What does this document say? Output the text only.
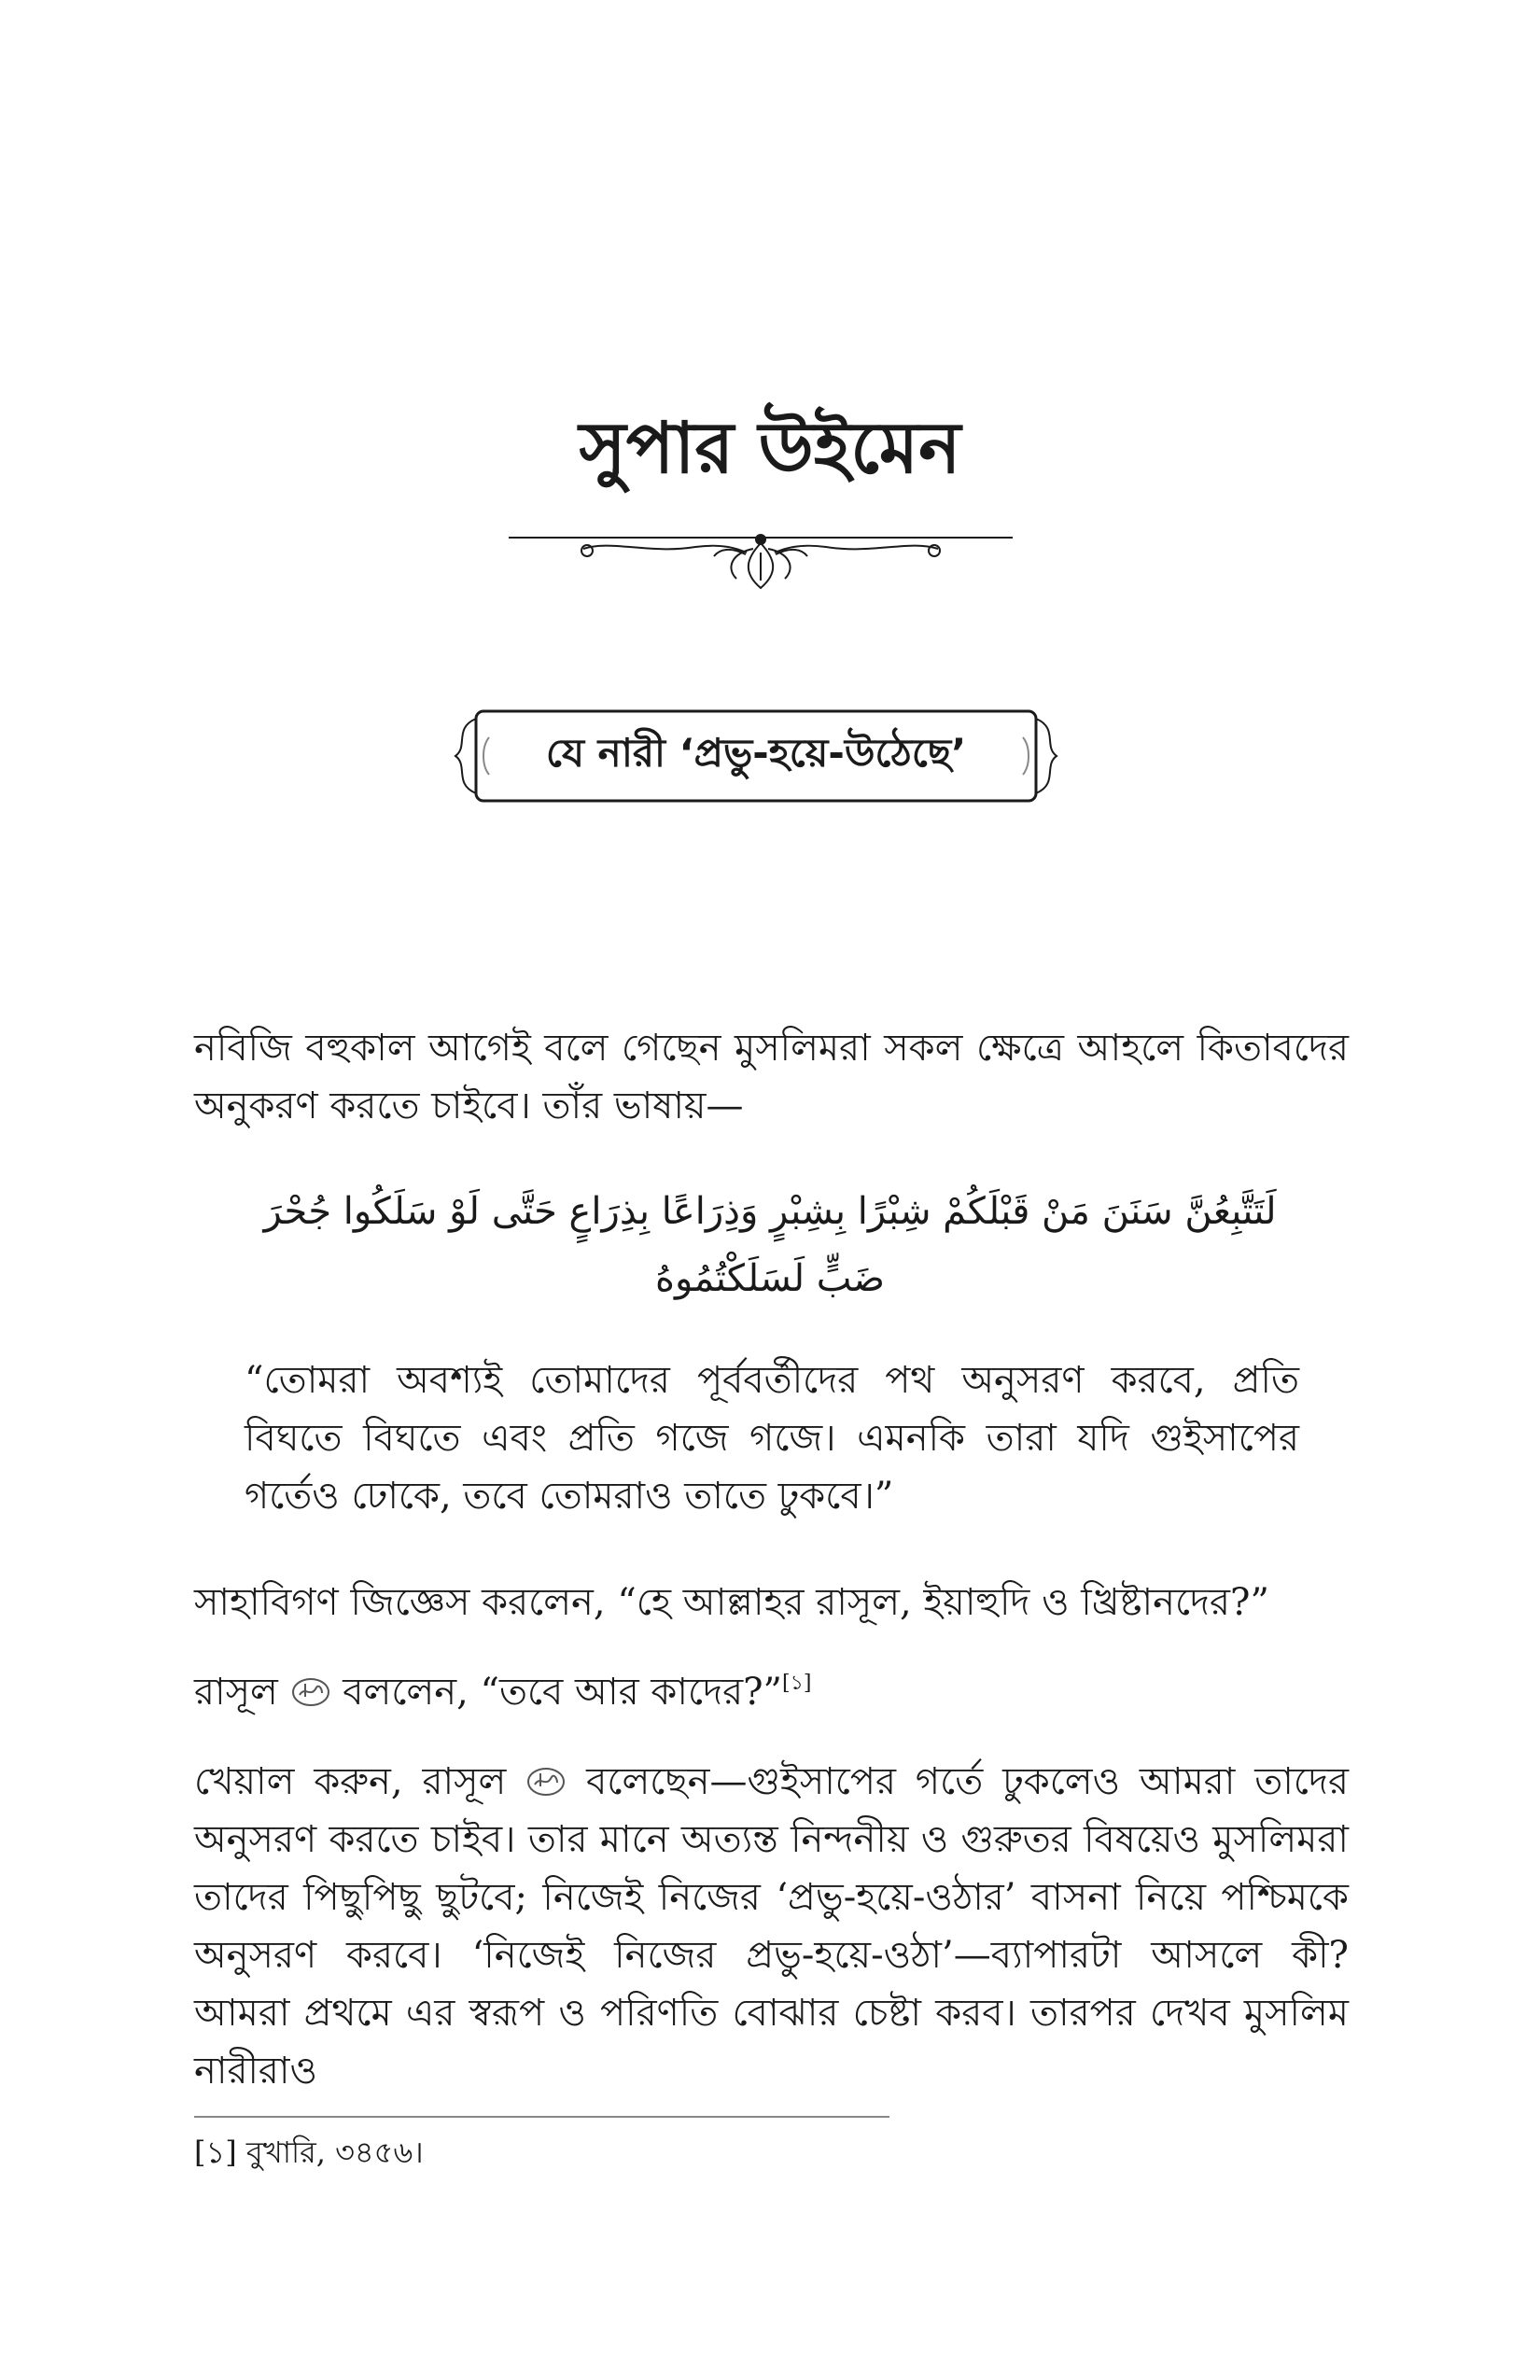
সুপার উইমেন
যে নারী ‘প্রভু-হয়ে-উঠেছে’

নবিজি বহুকাল আগেই বলে গেছেন মুসলিমরা সকল ক্ষেত্রে আহলে কিতাবদের অনুকরণ করতে চাইবে। তাঁর ভাষায়—

لَتَتَّبِعُنَّ سَنَنَ مَنْ قَبْلَكُمْ شِبْرًا بِشِبْرٍ وَذِرَاعًا بِذِرَاعٍ حَتَّى لَوْ سَلَكُوا جُحْرَ ضَبٍّ لَسَلَكْتُمُوهُ

“তোমরা অবশ্যই তোমাদের পূর্ববর্তীদের পথ অনুসরণ করবে, প্রতি বিঘতে বিঘতে এবং প্রতি গজে গজে। এমনকি তারা যদি গুইসাপের গর্তেও ঢোকে, তবে তোমরাও তাতে ঢুকবে।”

সাহাবিগণ জিজ্ঞেস করলেন, “হে আল্লাহর রাসূল, ইয়াহুদি ও খ্রিষ্টানদের?”

রাসূল  বললেন, “তবে আর কাদের?”[১]

খেয়াল করুন, রাসূল  বলেছেন—গুইসাপের গর্তে ঢুকলেও আমরা তাদের অনুসরণ করতে চাইব। তার মানে অত্যন্ত নিন্দনীয় ও গুরুতর বিষয়েও মুসলিমরা তাদের পিছুপিছু ছুটবে; নিজেই নিজের ‘প্রভু-হয়ে-ওঠার’ বাসনা নিয়ে পশ্চিমকে অনুসরণ করবে। ‘নিজেই নিজের প্রভু-হয়ে-ওঠা’—ব্যাপারটা আসলে কী? আমরা প্রথমে এর স্বরূপ ও পরিণতি বোঝার চেষ্টা করব। তারপর দেখব মুসলিম নারীরাও

[১] বুখারি, ৩৪৫৬।
